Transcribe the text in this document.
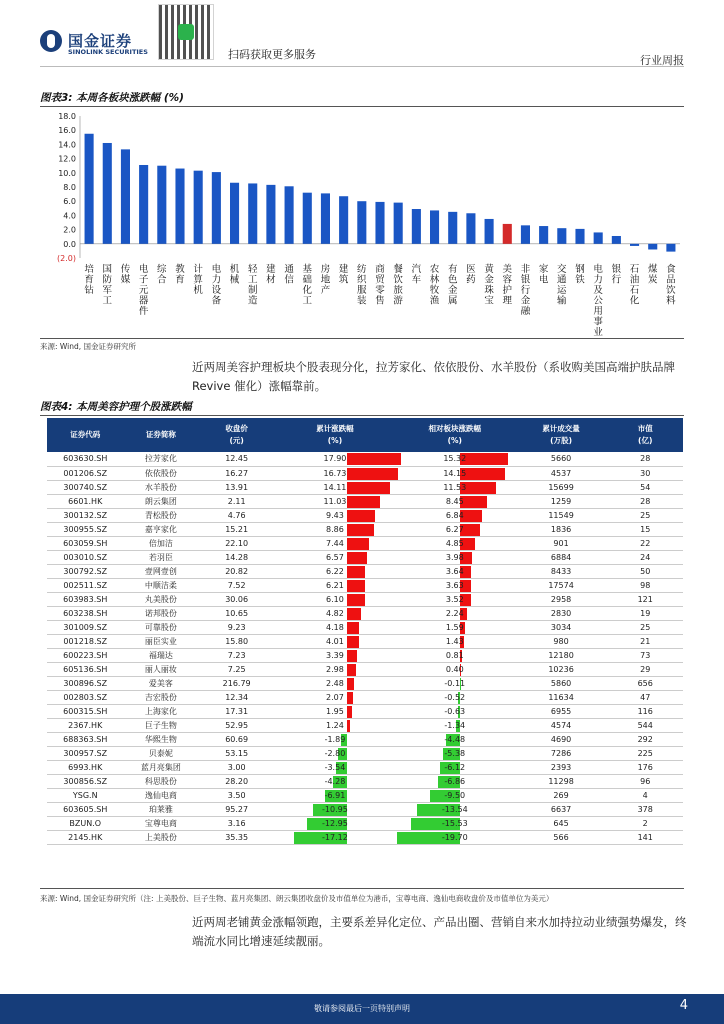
国金证券
SINOLINK SECURITIES	扫码获取更多服务	行业周报
图表3: 本周各板块涨跌幅 (%)
18.0
16.0
14.0
12.0
10.0
8.0
6.0
4.0
2.0
0.0
(2.0)
培育钻
国防军工
传媒
电子元器件
综合
教育
计算机
电力设备
机械
轻工制造
建材
通信
基础化工
房地产
建筑
纺织服装
商贸零售
餐饮旅游
汽车
农林牧渔
有色金属
医药
黄金珠宝
美容护理
非银行金融
家电
交通运输
钢铁
电力及公用事业
银行
石油石化
煤炭
食品饮料
来源: Wind, 国金证券研究所
近两周美容护理板块个股表现分化，拉芳家化、依依股份、水羊股份（系收购美国高端护肤品牌 Revive 催化）涨幅靠前。
图表4: 本周美容护理个股涨跌幅
证券代码	证券简称	收盘价
(元)	累计涨跌幅
(%)	相对板块涨跌幅
(%)	累计成交量
(万股)	市值
(亿)
603630.SH	拉芳家化	12.45	17.90	15.32	5660	28
001206.SZ	依依股份	16.27	16.73	14.15	4537	30
300740.SZ	水羊股份	13.91	14.11	11.53	15699	54
6601.HK	朗云集团	2.11	11.03	8.45	1259	28
300132.SZ	青松股份	4.76	9.43	6.84	11549	25
300955.SZ	嘉亨家化	15.21	8.86	6.27	1836	15
603059.SH	倍加洁	22.10	7.44	4.85	901	22
003010.SZ	若羽臣	14.28	6.57	3.98	6884	24
300792.SZ	壹网壹创	20.82	6.22	3.64	8433	50
002511.SZ	中顺洁柔	7.52	6.21	3.63	17574	98
603983.SH	丸美股份	30.06	6.10	3.52	2958	121
603238.SH	诺邦股份	10.65	4.82	2.24	2830	19
301009.SZ	可靠股份	9.23	4.18	1.59	3034	25
001218.SZ	丽臣实业	15.80	4.01	1.43	980	21
600223.SH	福瑞达	7.23	3.39	0.81	12180	73
605136.SH	丽人丽妆	7.25	2.98	0.40	10236	29
300896.SZ	爱美客	216.79	2.48	-0.11	5860	656
002803.SZ	吉宏股份	12.34	2.07	-0.52	11634	47
600315.SH	上海家化	17.31	1.95	-0.63	6955	116
2367.HK	巨子生物	52.95	1.24	-1.34	4574	544
688363.SH	华熙生物	60.69	-1.89	-4.48	4690	292
300957.SZ	贝泰妮	53.15	-2.80	-5.38	7286	225
6993.HK	蓝月亮集团	3.00	-3.54	-6.12	2393	176
300856.SZ	科思股份	28.20	-4.28	-6.86	11298	96
YSG.N	逸仙电商	3.50	-6.91	-9.50	269	4
603605.SH	珀莱雅	95.27	-10.95	-13.54	6637	378
BZUN.O	宝尊电商	3.16	-12.95	-15.53	645	2
2145.HK	上美股份	35.35	-17.12	-19.70	566	141
来源: Wind, 国金证券研究所（注: 上美股份、巨子生物、蓝月亮集团、朗云集团收盘价及市值单位为港币，宝尊电商、逸仙电商收盘价及市值单位为美元）
近两周老铺黄金涨幅领跑，主要系差异化定位、产品出圈、营销自来水加持拉动业绩强势爆发，终端流水同比增速延续靓丽。
敬请参阅最后一页特别声明	4
